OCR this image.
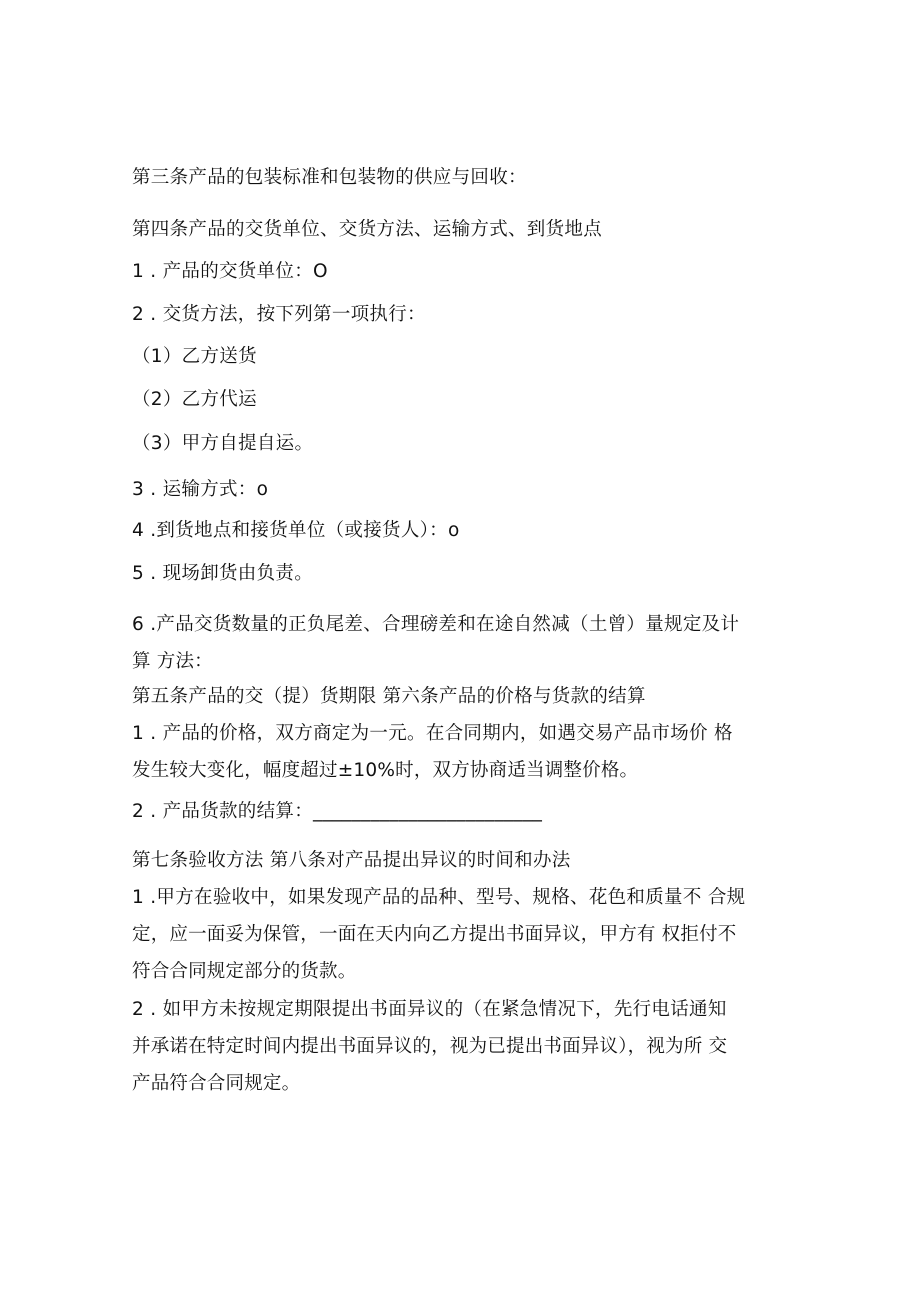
第三条产品的包装标准和包装物的供应与回收：
第四条产品的交货单位、交货方法、运输方式、到货地点
1 . 产品的交货单位：O
2 . 交货方法，按下列第一项执行：
（1）乙方送货
（2）乙方代运
（3）甲方自提自运。
3 . 运输方式：o
4 .到货地点和接货单位（或接货人）：o
5 . 现场卸货由负责。
6 .产品交货数量的正负尾差、合理磅差和在途自然减（土曾）量规定及计
算 方法：
第五条产品的交（提）货期限 第六条产品的价格与货款的结算
1 . 产品的价格，双方商定为一元。在合同期内，如遇交易产品市场价 格
发生较大变化，幅度超过±10%时，双方协商适当调整价格。
2 . 产品货款的结算：________________________
第七条验收方法 第八条对产品提出异议的时间和办法
1 .甲方在验收中，如果发现产品的品种、型号、规格、花色和质量不 合规
定，应一面妥为保管，一面在天内向乙方提出书面异议，甲方有 权拒付不
符合合同规定部分的货款。
2 . 如甲方未按规定期限提出书面异议的（在紧急情况下，先行电话通知
并承诺在特定时间内提出书面异议的，视为已提出书面异议），视为所 交
产品符合合同规定。
